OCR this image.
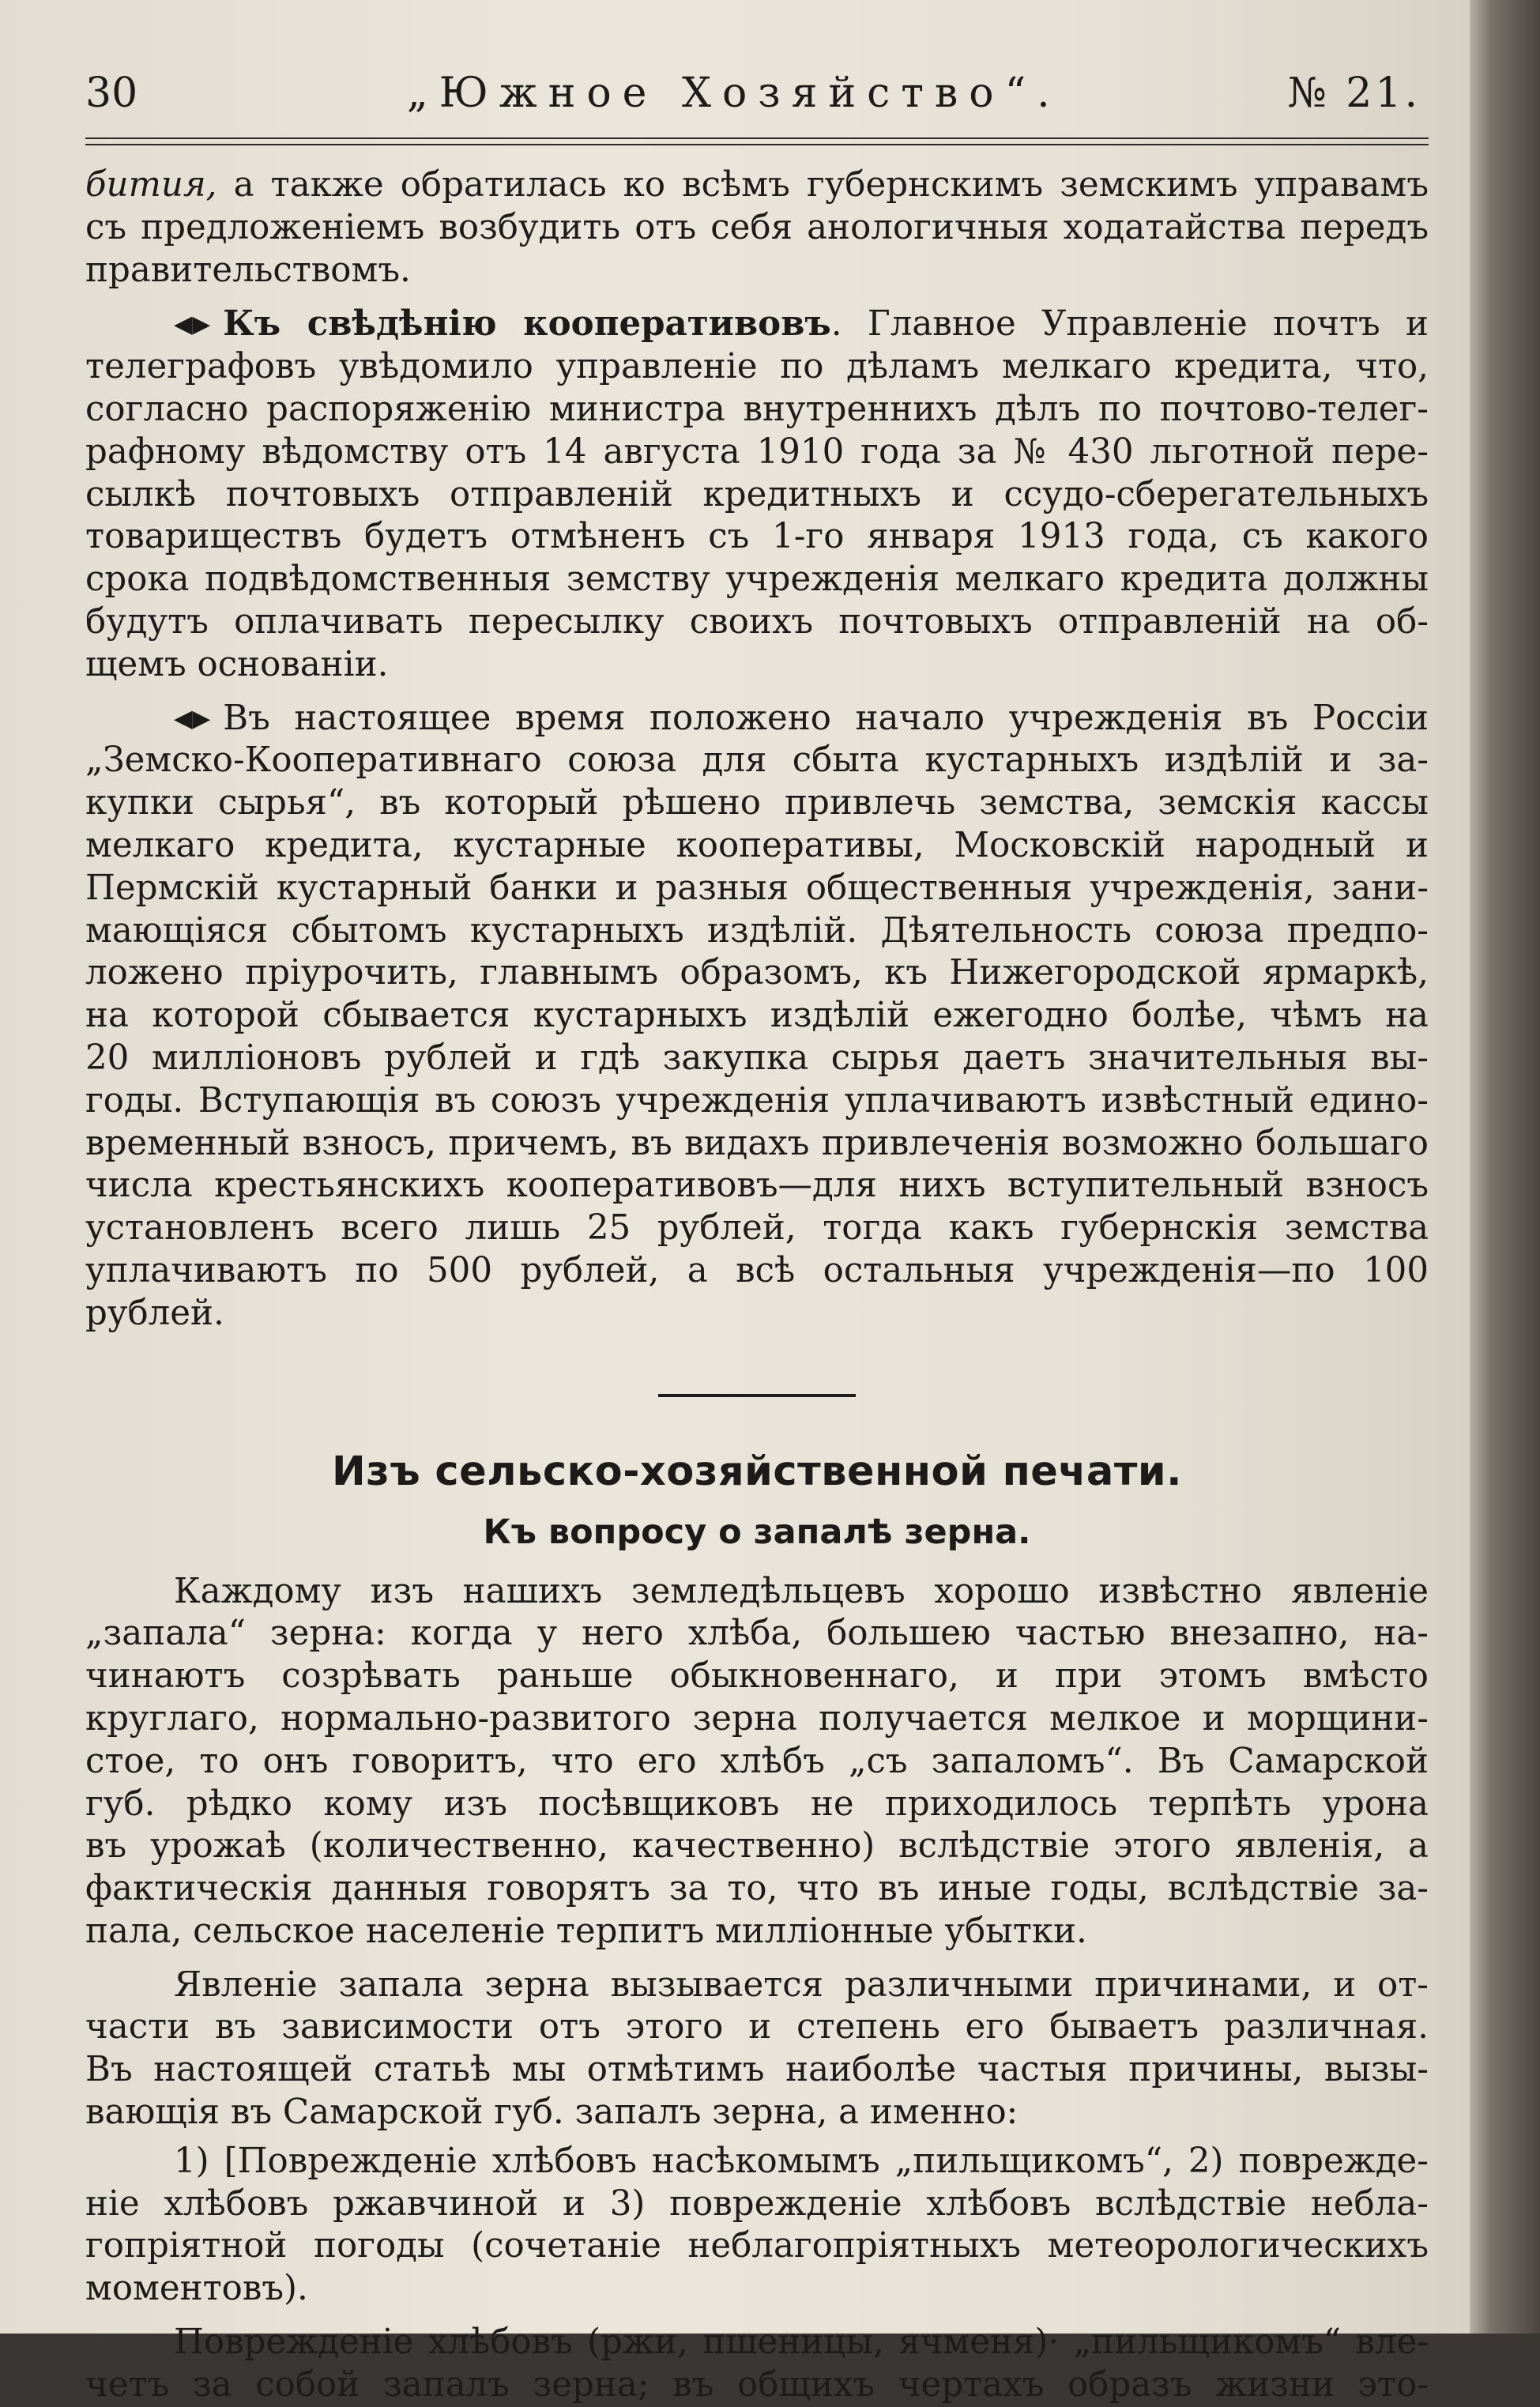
30	„Южное Хозяйство“.	№ 21.

бития, а также обратилась ко всѣмъ губернскимъ земскимъ управамъ
съ предложеніемъ возбудить отъ себя анологичныя ходатайства передъ
правительствомъ.

◀▶ Къ свѣдѣнію кооперативовъ. Главное Управленіе почтъ и
телеграфовъ увѣдомило управленіе по дѣламъ мелкаго кредита, что,
согласно распоряженію министра внутреннихъ дѣлъ по почтово-телег-
рафному вѣдомству отъ 14 августа 1910 года за № 430 льготной пере-
сылкѣ почтовыхъ отправленій кредитныхъ и ссудо-сберегательныхъ
товариществъ будетъ отмѣненъ съ 1-го января 1913 года, съ какого
срока подвѣдомственныя земству учрежденія мелкаго кредита должны
будутъ оплачивать пересылку своихъ почтовыхъ отправленій на об-
щемъ основаніи.

◀▶ Въ настоящее время положено начало учрежденія въ Россіи
„Земско-Кооперативнаго союза для сбыта кустарныхъ издѣлій и за-
купки сырья“, въ который рѣшено привлечь земства, земскія кассы
мелкаго кредита, кустарные кооперативы, Московскій народный и
Пермскій кустарный банки и разныя общественныя учрежденія, зани-
мающіяся сбытомъ кустарныхъ издѣлій. Дѣятельность союза предпо-
ложено пріурочить, главнымъ образомъ, къ Нижегородской ярмаркѣ,
на которой сбывается кустарныхъ издѣлій ежегодно болѣе, чѣмъ на
20 милліоновъ рублей и гдѣ закупка сырья даетъ значительныя вы-
годы. Вступающія въ союзъ учрежденія уплачиваютъ извѣстный едино-
временный взносъ, причемъ, въ видахъ привлеченія возможно большаго
числа крестьянскихъ кооперативовъ—для нихъ вступительный взносъ
установленъ всего лишь 25 рублей, тогда какъ губернскія земства
уплачиваютъ по 500 рублей, а всѣ остальныя учрежденія—по 100 рублей.

Изъ сельско-хозяйственной печати.
Къ вопросу о запалѣ зерна.

Каждому изъ нашихъ земледѣльцевъ хорошо извѣстно явленіе
„запала“ зерна: когда у него хлѣба, большею частью внезапно, на-
чинаютъ созрѣвать раньше обыкновеннаго, и при этомъ вмѣсто
круглаго, нормально-развитого зерна получается мелкое и морщини-
стое, то онъ говоритъ, что его хлѣбъ „съ запаломъ“. Въ Самарской
губ. рѣдко кому изъ посѣвщиковъ не приходилось терпѣть урона
въ урожаѣ (количественно, качественно) вслѣдствіе этого явленія, а
фактическія данныя говорятъ за то, что въ иные годы, вслѣдствіе за-
пала, сельское населеніе терпитъ милліонные убытки.

Явленіе запала зерна вызывается различными причинами, и от-
части въ зависимости отъ этого и степень его бываетъ различная.
Въ настоящей статьѣ мы отмѣтимъ наиболѣе частыя причины, вызы-
вающія въ Самарской губ. запалъ зерна, а именно:

1) [Поврежденіе хлѣбовъ насѣкомымъ „пильщикомъ“, 2) поврежде-
ніе хлѣбовъ ржавчиной и 3) поврежденіе хлѣбовъ вслѣдствіе небла-
гопріятной погоды (сочетаніе неблагопріятныхъ метеорологическихъ
моментовъ).

Поврежденіе хлѣбовъ (ржи, пшеницы, ячменя)· „пильщикомъ“ вле-
четъ за собой запалъ зерна; въ общихъ чертахъ образъ жизни это-
